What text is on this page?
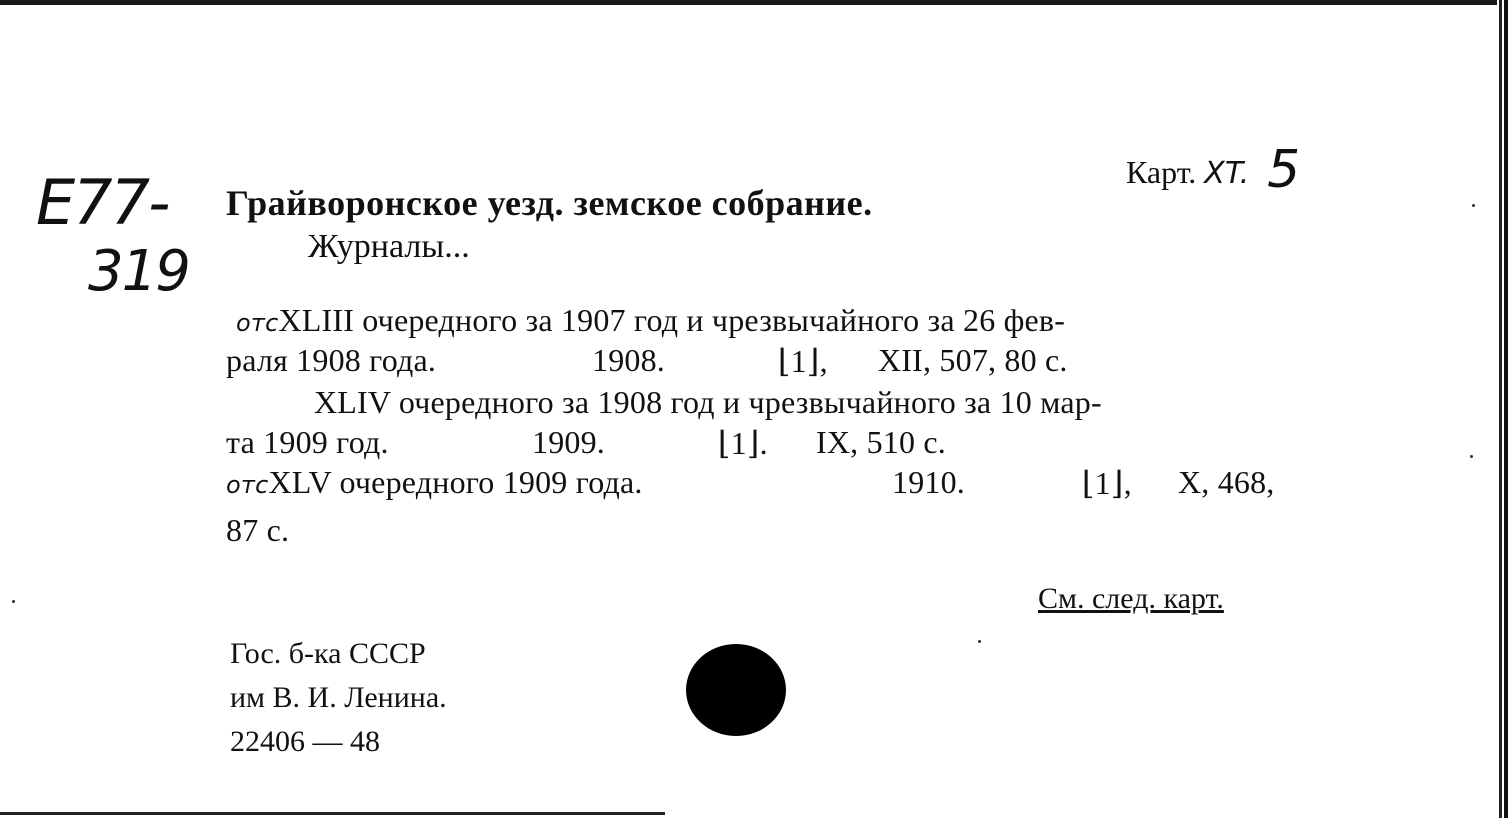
E77-
319
Карт. XT. 5
Грайворонское уезд. земское собрание.
Журналы...
отсXLIII очередного за 1907 год и чрезвычайного за 26 фев-
раля 1908 года.	1908.	⌊1⌋, XII, 507, 80 с.
XLIV очередного за 1908 год и чрезвычайного за 10 мар-
та 1909 год.	1909.	⌊1⌋. IX, 510 с.
отсXLV очередного 1909 года.	1910.	⌊1⌋, X, 468,
87 с.
См. след. карт.
Гос. б-ка СССР
им В. И. Ленина.
22406 — 48
